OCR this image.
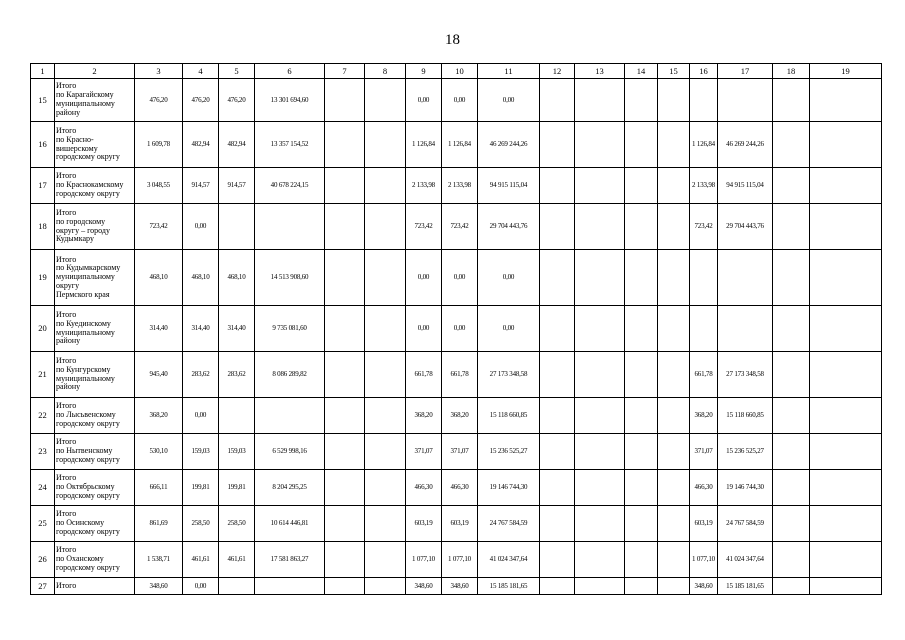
18
1	2	3	4	5	6	7	8	9	10	11	12	13	14	15	16	17	18	19
15	Итого
по Карагайскому
муниципальному
району	476,20	476,20	476,20	13 301 694,60			0,00	0,00	0,00								
16	Итого
по Красно-
вишерскому
городскому округу	1 609,78	482,94	482,94	13 357 154,52			1 126,84	1 126,84	46 269 244,26					1 126,84	46 269 244,26		
17	Итого
по Краснокамскому
городскому округу	3 048,55	914,57	914,57	40 678 224,15			2 133,98	2 133,98	94 915 115,04					2 133,98	94 915 115,04		
18	Итого
по городскому
округу – городу
Кудымкару	723,42	0,00					723,42	723,42	29 704 443,76					723,42	29 704 443,76		
19	Итого
по Кудымкарскому
муниципальному
округу
Пермского края	468,10	468,10	468,10	14 513 908,60			0,00	0,00	0,00								
20	Итого
по Куединскому
муниципальному
району	314,40	314,40	314,40	9 735 081,60			0,00	0,00	0,00								
21	Итого
по Кунгурскому
муниципальному
району	945,40	283,62	283,62	8 086 289,82			661,78	661,78	27 173 348,58					661,78	27 173 348,58		
22	Итого
по Лысьвенскому
городскому округу	368,20	0,00					368,20	368,20	15 118 660,85					368,20	15 118 660,85		
23	Итого
по Нытвенскому
городскому округу	530,10	159,03	159,03	6 529 998,16			371,07	371,07	15 236 525,27					371,07	15 236 525,27		
24	Итого
по Октябрьскому
городскому округу	666,11	199,81	199,81	8 204 295,25			466,30	466,30	19 146 744,30					466,30	19 146 744,30		
25	Итого
по Осинскому
городскому округу	861,69	258,50	258,50	10 614 446,81			603,19	603,19	24 767 584,59					603,19	24 767 584,59		
26	Итого
по Оханскому
городскому округу	1 538,71	461,61	461,61	17 581 863,27			1 077,10	1 077,10	41 024 347,64					1 077,10	41 024 347,64		
27	Итого	348,60	0,00					348,60	348,60	15 185 181,65					348,60	15 185 181,65		
